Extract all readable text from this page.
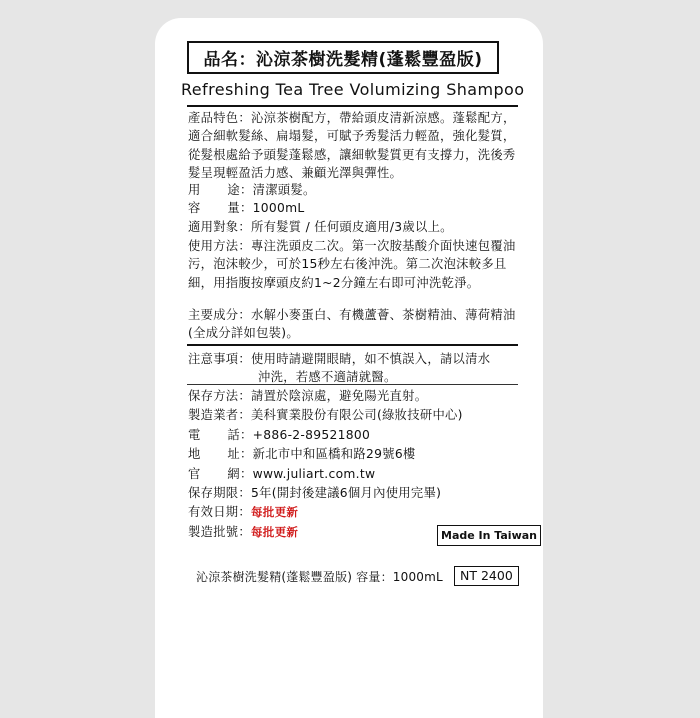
品名：沁涼茶樹洗髮精(蓬鬆豐盈版)
Refreshing Tea Tree Volumizing Shampoo
產品特色：沁涼茶樹配方，帶給頭皮清新涼感。蓬鬆配方，適合細軟髮絲、扁塌髮，可賦予秀髮活力輕盈，強化髮質，從髮根處給予頭髮蓬鬆感，讓細軟髮質更有支撐力，洗後秀髮呈現輕盈活力感、兼顧光澤與彈性。
用 途 ：清潔頭髮。
容 量 ：1000mL
適用對象：所有髮質 / 任何頭皮適用/3歲以上。
使用方法：專注洗頭皮二次。第一次胺基酸介面快速包覆油污，泡沫較少，可於15秒左右後沖洗。第二次泡沫較多且細，用指腹按摩頭皮約1~2分鐘左右即可沖洗乾淨。
主要成分：水解小麥蛋白、有機蘆薈、茶樹精油、薄荷精油 (全成分詳如包裝)。
注意事項：使用時請避開眼睛，如不慎誤入，請以清水
沖洗，若感不適請就醫。
保存方法：請置於陰涼處，避免陽光直射。
製造業者：美科實業股份有限公司(綠妝技研中心)
電 話 ：+886-2-89521800
地 址 ：新北市中和區橋和路29號6樓
官 網 ：www.juliart.com.tw
保存期限：5年(開封後建議6個月內使用完畢)
有效日期：每批更新
製造批號：每批更新	Made In Taiwan
沁涼茶樹洗髮精(蓬鬆豐盈版) 容量：1000mL	NT 2400
